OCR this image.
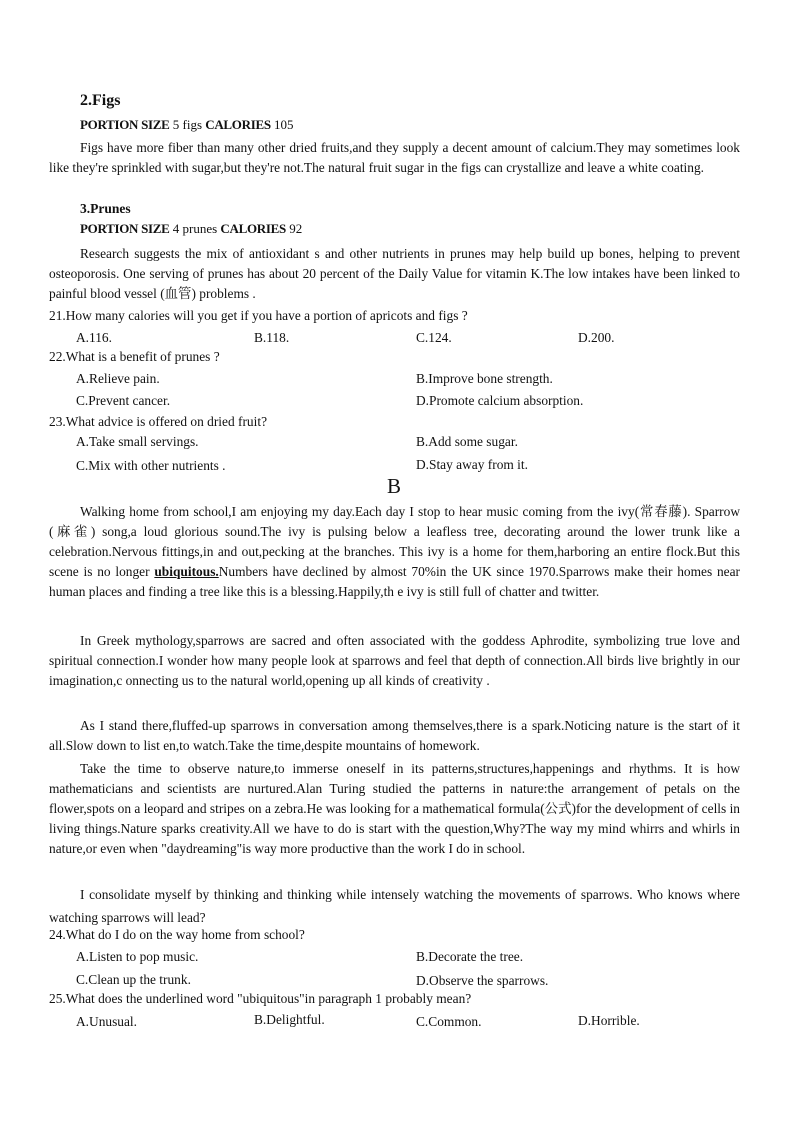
2.Figs
PORTION SIZE 5 figs CALORIES 105

Figs have more fiber than many other dried fruits,and they supply a decent amount of calcium.They may sometimes look like they're sprinkled with sugar,but they're not.The natural fruit sugar in the figs can crystallize and leave a white coating.

3.Prunes
PORTION SIZE 4 prunes CALORIES 92

Research suggests the mix of antioxidant s and other nutrients in prunes may help build up bones, helping to prevent osteoporosis. One serving of prunes has about 20 percent of the Daily Value for vitamin K.The low intakes have been linked to painful blood vessel (血管) problems .

21.How many calories will you get if you have a portion of apricots and figs ?
A.116.	B.118.	C.124.	D.200.
22.What is a benefit of prunes ?
A.Relieve pain.	B.Improve bone strength.
C.Prevent cancer.	D.Promote calcium absorption.
23.What advice is offered on dried fruit?
A.Take small servings.	B.Add some sugar.
C.Mix with other nutrients .	D.Stay away from it.
B

Walking home from school,I am enjoying my day.Each day I stop to hear music coming from the ivy(常春藤). Sparrow (麻雀) song,a loud glorious sound.The ivy is pulsing below a leafless tree, decorating around the lower trunk like a celebration.Nervous fittings,in and out,pecking at the branches. This ivy is a home for them,harboring an entire flock.But this scene is no longer ubiquitous.Numbers have declined by almost 70%in the UK since 1970.Sparrows make their homes near human places and finding a tree like this is a blessing.Happily,th e ivy is still full of chatter and twitter.

In Greek mythology,sparrows are sacred and often associated with the goddess Aphrodite, symbolizing true love and spiritual connection.I wonder how many people look at sparrows and feel that depth of connection.All birds live brightly in our imagination,c onnecting us to the natural world,opening up all kinds of creativity .

As I stand there,fluffed-up sparrows in conversation among themselves,there is a spark.Noticing nature is the start of it all.Slow down to list en,to watch.Take the time,despite mountains of homework.

Take the time to observe nature,to immerse oneself in its patterns,structures,happenings and rhythms. It is how mathematicians and scientists are nurtured.Alan Turing studied the patterns in nature:the arrangement of petals on the flower,spots on a leopard and stripes on a zebra.He was looking for a mathematical formula(公式)for the development of cells in living things.Nature sparks creativity.All we have to do is start with the question,Why?The way my mind whirrs and whirls in nature,or even when "daydreaming"is way more productive than the work I do in school.

I consolidate myself by thinking and thinking while intensely watching the movements of sparrows. Who knows where watching sparrows will lead?

24.What do I do on the way home from school?
A.Listen to pop music.	B.Decorate the tree.
C.Clean up the trunk.	D.Observe the sparrows.
25.What does the underlined word "ubiquitous"in paragraph 1 probably mean?
A.Unusual.	B.Delightful.	C.Common.	D.Horrible.
